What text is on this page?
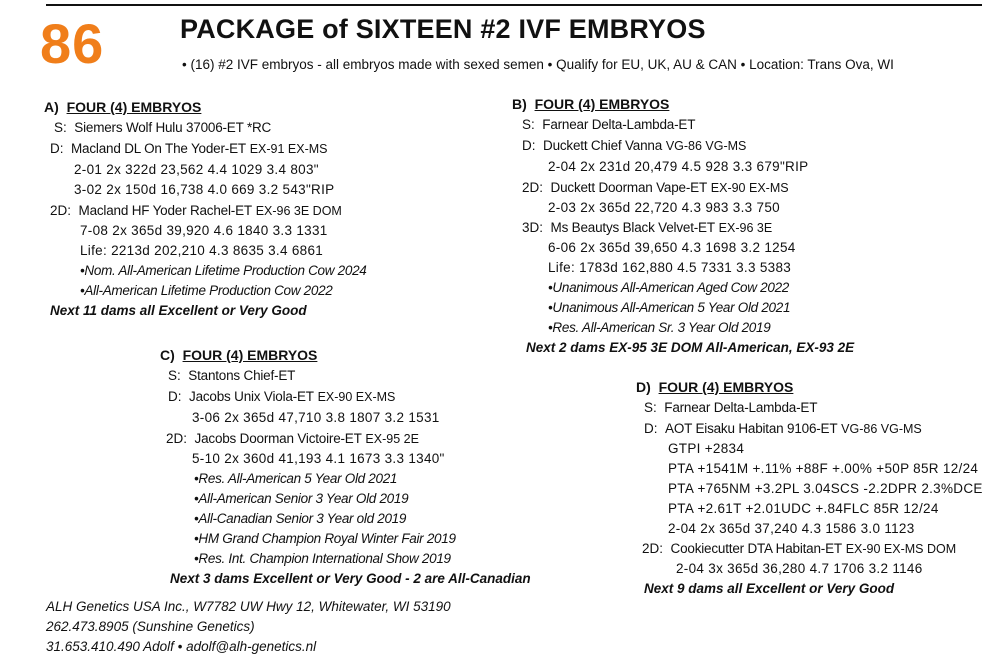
86	PACKAGE of SIXTEEN #2 IVF EMBRYOS
• (16) #2 IVF embryos - all embryos made with sexed semen • Qualify for EU, UK, AU & CAN • Location: Trans Ova, WI
A) FOUR (4) EMBRYOS
S: Siemers Wolf Hulu 37006-ET *RC
D: Macland DL On The Yoder-ET EX-91 EX-MS
2-01 2x 322d 23,562 4.4 1029 3.4 803"
3-02 2x 150d 16,738 4.0 669 3.2 543"RIP
2D: Macland HF Yoder Rachel-ET EX-96 3E DOM
7-08 2x 365d 39,920 4.6 1840 3.3 1331
Life: 2213d 202,210 4.3 8635 3.4 6861
•Nom. All-American Lifetime Production Cow 2024
•All-American Lifetime Production Cow 2022
Next 11 dams all Excellent or Very Good
B) FOUR (4) EMBRYOS
S: Farnear Delta-Lambda-ET
D: Duckett Chief Vanna VG-86 VG-MS
2-04 2x 231d 20,479 4.5 928 3.3 679"RIP
2D: Duckett Doorman Vape-ET EX-90 EX-MS
2-03 2x 365d 22,720 4.3 983 3.3 750
3D: Ms Beautys Black Velvet-ET EX-96 3E
6-06 2x 365d 39,650 4.3 1698 3.2 1254
Life: 1783d 162,880 4.5 7331 3.3 5383
•Unanimous All-American Aged Cow 2022
•Unanimous All-American 5 Year Old 2021
•Res. All-American Sr. 3 Year Old 2019
Next 2 dams EX-95 3E DOM All-American, EX-93 2E
C) FOUR (4) EMBRYOS
S: Stantons Chief-ET
D: Jacobs Unix Viola-ET EX-90 EX-MS
3-06 2x 365d 47,710 3.8 1807 3.2 1531
2D: Jacobs Doorman Victoire-ET EX-95 2E
5-10 2x 360d 41,193 4.1 1673 3.3 1340"
•Res. All-American 5 Year Old 2021
•All-American Senior 3 Year Old 2019
•All-Canadian Senior 3 Year old 2019
•HM Grand Champion Royal Winter Fair 2019
•Res. Int. Champion International Show 2019
Next 3 dams Excellent or Very Good - 2 are All-Canadian
D) FOUR (4) EMBRYOS
S: Farnear Delta-Lambda-ET
D: AOT Eisaku Habitan 9106-ET VG-86 VG-MS
GTPI +2834
PTA +1541M +.11% +88F +.00% +50P 85R 12/24
PTA +765NM +3.2PL 3.04SCS -2.2DPR 2.3%DCE
PTA +2.61T +2.01UDC +.84FLC 85R 12/24
2-04 2x 365d 37,240 4.3 1586 3.0 1123
2D: Cookiecutter DTA Habitan-ET EX-90 EX-MS DOM
2-04 3x 365d 36,280 4.7 1706 3.2 1146
Next 9 dams all Excellent or Very Good
ALH Genetics USA Inc., W7782 UW Hwy 12, Whitewater, WI 53190
262.473.8905 (Sunshine Genetics)
31.653.410.490 Adolf • adolf@alh-genetics.nl
